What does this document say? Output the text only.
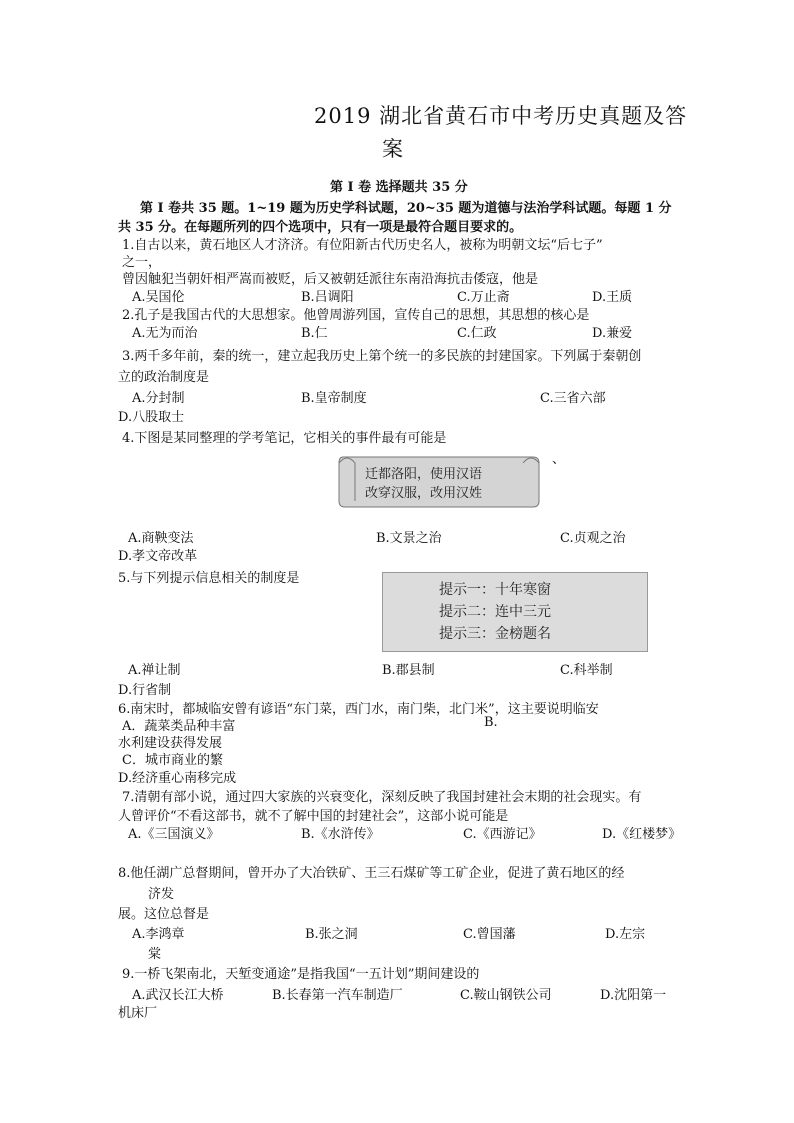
2019 湖北省黄石市中考历史真题及答
案
第 I 卷 选择题共 35 分
第 I 卷共 35 题。1~19 题为历史学科试题，20~35 题为道德与法治学科试题。每题 1 分
共 35 分。在每题所列的四个选项中，只有一项是最符合题目要求的。
1.自古以来，黄石地区人才济济。有位阳新古代历史名人，被称为明朝文坛“后七子”
之一，
曾因触犯当朝奸相严嵩而被贬，后又被朝廷派往东南沿海抗击倭寇，他是
A.吴国伦	B.吕调阳	C.万止斋	D.王质
2.孔子是我国古代的大思想家。他曾周游列国，宣传自己的思想，其思想的核心是
A.无为而治	B.仁	C.仁政	D.兼爱
3.两千多年前，秦的统一，建立起我历史上第个统一的多民族的封建国家。下列属于秦朝创
立的政治制度是
A.分封制	B.皇帝制度	C.三省六部
D.八股取士
4.下图是某同整理的学考笔记，它相关的事件最有可能是
迁都洛阳，使用汉语
改穿汉服，改用汉姓
、
A.商鞅变法	B.文景之治	C.贞观之治
D.孝文帝改革
5.与下列提示信息相关的制度是
提示一：十年寒窗
提示二：连中三元
提示三：金榜题名
A.禅让制	B.郡县制	C.科举制
D.行省制
6.南宋时，都城临安曾有谚语“东门菜，西门水，南门柴，北门米”，这主要说明临安
A．蔬菜类品种丰富	B.
水利建设获得发展
C．城市商业的繁
D.经济重心南移完成
7.清朝有部小说，通过四大家族的兴衰变化，深刻反映了我国封建社会末期的社会现实。有
人曾评价“不看这部书，就不了解中国的封建社会”，这部小说可能是
A.《三国演义》	B.《水浒传》	C.《西游记》	D.《红楼梦》
8.他任湖广总督期间，曾开办了大冶铁矿、王三石煤矿等工矿企业，促进了黄石地区的经
济发
展。这位总督是
A.李鸿章	B.张之洞	C.曾国藩	D.左宗
棠
9.一桥飞架南北，天堑变通途”是指我国“一五计划”期间建设的
A.武汉长江大桥	B.长春第一汽车制造厂	C.鞍山钢铁公司	D.沈阳第一
机床厂
